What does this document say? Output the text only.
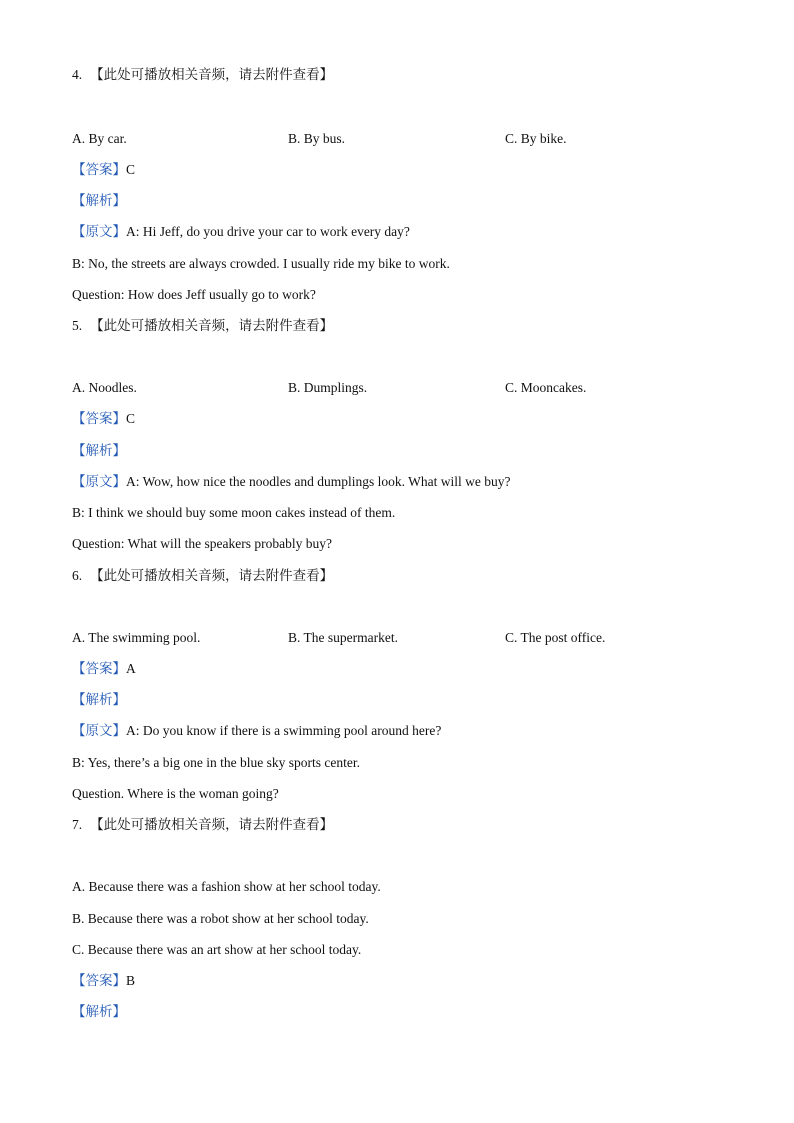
4. 【此处可播放相关音频，请去附件查看】
A. By car.	B. By bus.	C. By bike.
【答案】C
【解析】
【原文】A: Hi Jeff, do you drive your car to work every day?
B: No, the streets are always crowded. I usually ride my bike to work.
Question: How does Jeff usually go to work?
5. 【此处可播放相关音频，请去附件查看】
A. Noodles.	B. Dumplings.	C. Mooncakes.
【答案】C
【解析】
【原文】A: Wow, how nice the noodles and dumplings look. What will we buy?
B: I think we should buy some moon cakes instead of them.
Question: What will the speakers probably buy?
6. 【此处可播放相关音频，请去附件查看】
A. The swimming pool.	B. The supermarket.	C. The post office.
【答案】A
【解析】
【原文】A: Do you know if there is a swimming pool around here?
B: Yes, there’s a big one in the blue sky sports center.
Question. Where is the woman going?
7. 【此处可播放相关音频，请去附件查看】
A. Because there was a fashion show at her school today.
B. Because there was a robot show at her school today.
C. Because there was an art show at her school today.
【答案】B
【解析】
